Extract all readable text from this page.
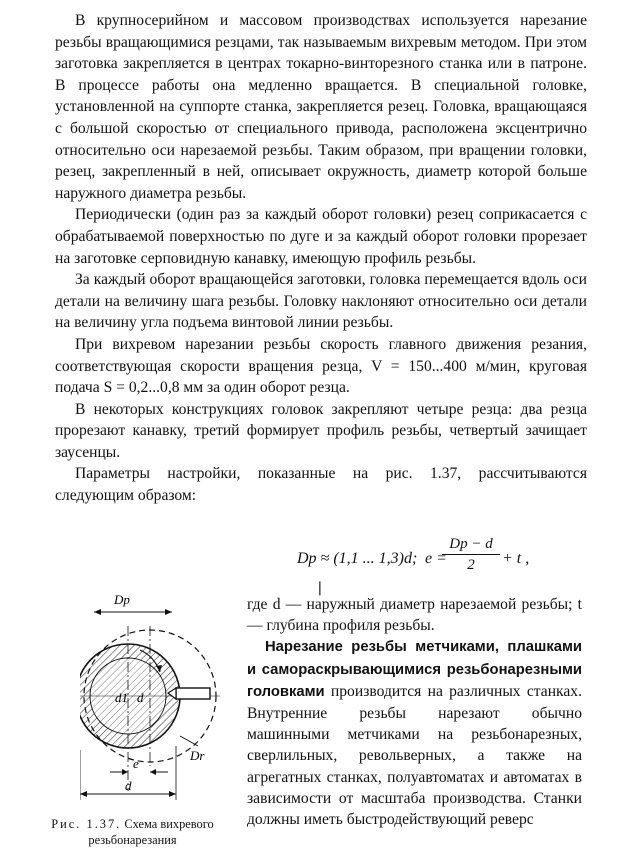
В крупносерийном и массовом производствах используется нарезание резьбы вращающимися резцами, так называемым вихревым методом. При этом заготовка закрепляется в центрах токарно-винторезного станка или в патроне. В процессе работы она медленно вращается. В специальной головке, установленной на суппорте станка, закрепляется резец. Головка, вращающаяся с большой скоростью от специального привода, расположена эксцентрично относительно оси нарезаемой резьбы. Таким образом, при вращении головки, резец, закрепленный в ней, описывает окружность, диаметр которой больше наружного диаметра резьбы.

Периодически (один раз за каждый оборот головки) резец соприкасается с обрабатываемой поверхностью по дуге и за каждый оборот головки прорезает на заготовке серповидную канавку, имеющую профиль резьбы.

За каждый оборот вращающейся заготовки, головка перемещается вдоль оси детали на величину шага резьбы. Головку наклоняют относительно оси детали на величину угла подъема винтовой линии резьбы.

При вихревом нарезании резьбы скорость главного движения резания, соответствующая скорости вращения резца, V = 150...400 м/мин, круговая подача S = 0,2...0,8 мм за один оборот резца.

В некоторых конструкциях головок закрепляют четыре резца: два резца прорезают канавку, третий формирует профиль резьбы, четвертый зачищает заусенцы.

Параметры настройки, показанные на рис. 1.37, рассчитываются следующим образом:

Dр ≈ (1,1 ... 1,3)d; e =
Dр − d
2	+ t ,
Dр
d1 d
Dr
e
d
❘

где d — наружный диаметр нарезаемой резьбы; t — глубина профиля резьбы.

Нарезание резьбы метчиками, плашками и самораскрывающимися резьбонарезными головками производится на различных станках. Внутренние резьбы нарезают обычно машинными метчиками на резьбонарезных, сверлильных, револьверных, а также на агрегатных станках, полуавтоматах и автоматах в зависимости от масштаба производства. Станки должны иметь быстродействующий реверс

Рис. 1.37. Схема вихревого резьбонарезания
